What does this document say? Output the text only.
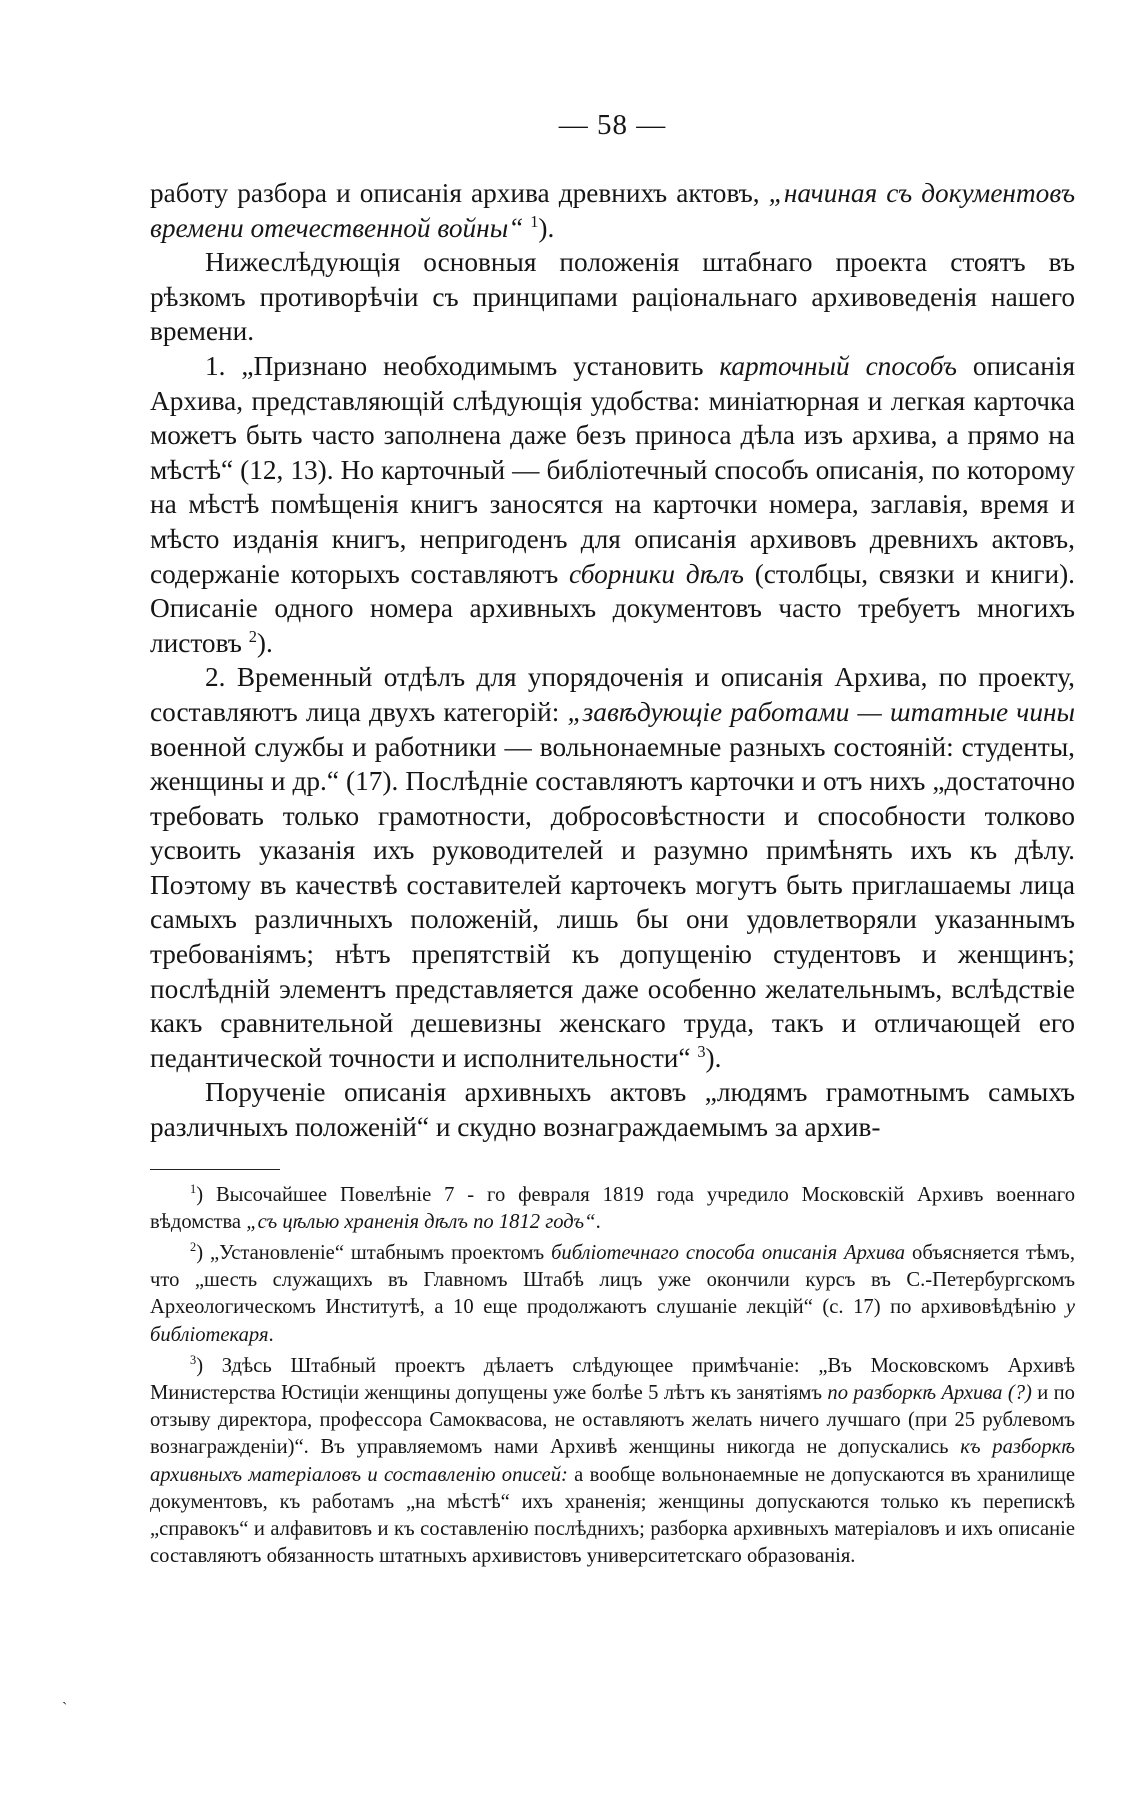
— 58 —

работу разбора и описанія архива древнихъ актовъ, „начиная съ документовъ времени отечественной войны“ $^1$).

Нижеслѣдующія основныя положенія штабнаго проекта стоятъ въ рѣзкомъ противорѣчіи съ принципами раціональнаго архивоведенія нашего времени.

1. „Признано необходимымъ установить карточный способъ описанія Архива, представляющій слѣдующія удобства: миніатюрная и легкая карточка можетъ быть часто заполнена даже безъ приноса дѣла изъ архива, а прямо на мѣстѣ“ (12, 13). Но карточный — библіотечный способъ описанія, по которому на мѣстѣ помѣщенія книгъ заносятся на карточки номера, заглавія, время и мѣсто изданія книгъ, непригоденъ для описанія архивовъ древнихъ актовъ, содержаніе которыхъ составляютъ сборники дѣлъ (столбцы, связки и книги). Описаніе одного номера архивныхъ документовъ часто требуетъ многихъ листовъ $^2$).

2. Временный отдѣлъ для упорядоченія и описанія Архива, по проекту, составляютъ лица двухъ категорій: „завѣдующіе работами — штатные чины военной службы и работники — вольнонаемные разныхъ состояній: студенты, женщины и др.“ (17). Послѣдніе составляютъ карточки и отъ нихъ „достаточно требовать только грамотности, добросовѣстности и способности толково усвоить указанія ихъ руководителей и разумно примѣнять ихъ къ дѣлу. Поэтому въ качествѣ составителей карточекъ могутъ быть приглашаемы лица самыхъ различныхъ положеній, лишь бы они удовлетворяли указаннымъ требованіямъ; нѣтъ препятствій къ допущенію студентовъ и женщинъ; послѣдній элементъ представляется даже особенно желательнымъ, вслѣдствіе какъ сравнительной дешевизны женскаго труда, такъ и отличающей его педантической точности и исполнительности“ $^3$).

Порученіе описанія архивныхъ актовъ „людямъ грамотнымъ самыхъ различныхъ положеній“ и скудно вознаграждаемымъ за архив-

$^1$) Высочайшее Повелѣніе 7 - го февраля 1819 года учредило Московскій Архивъ военнаго вѣдомства „съ цѣлью храненія дѣлъ по 1812 годъ“.

$^2$) „Установленіе“ штабнымъ проектомъ библіотечнаго способа описанія Архива объясняется тѣмъ, что „шесть служащихъ въ Главномъ Штабѣ лицъ уже окончили курсъ въ С.-Петербургскомъ Археологическомъ Институтѣ, а 10 еще продолжаютъ слушаніе лекцій“ (с. 17) по архивовѣдѣнію у библіотекаря.

$^3$) Здѣсь Штабный проектъ дѣлаетъ слѣдующее примѣчаніе: „Въ Московскомъ Архивѣ Министерства Юстиціи женщины допущены уже болѣе 5 лѣтъ къ занятіямъ по разборкѣ Архива (?) и по отзыву директора, профессора Самоквасова, не оставляютъ желать ничего лучшаго (при 25 рублевомъ вознагражденіи)“. Въ управляемомъ нами Архивѣ женщины никогда не допускались къ разборкѣ архивныхъ матеріаловъ и составленію описей: а вообще вольнонаемные не допускаются въ хранилище документовъ, къ работамъ „на мѣстѣ“ ихъ храненія; женщины допускаются только къ перепискѣ „справокъ“ и алфавитовъ и къ составленію послѣднихъ; разборка архивныхъ матеріаловъ и ихъ описаніе составляютъ обязанность штатныхъ архивистовъ университетскаго образованія.

ˋ
